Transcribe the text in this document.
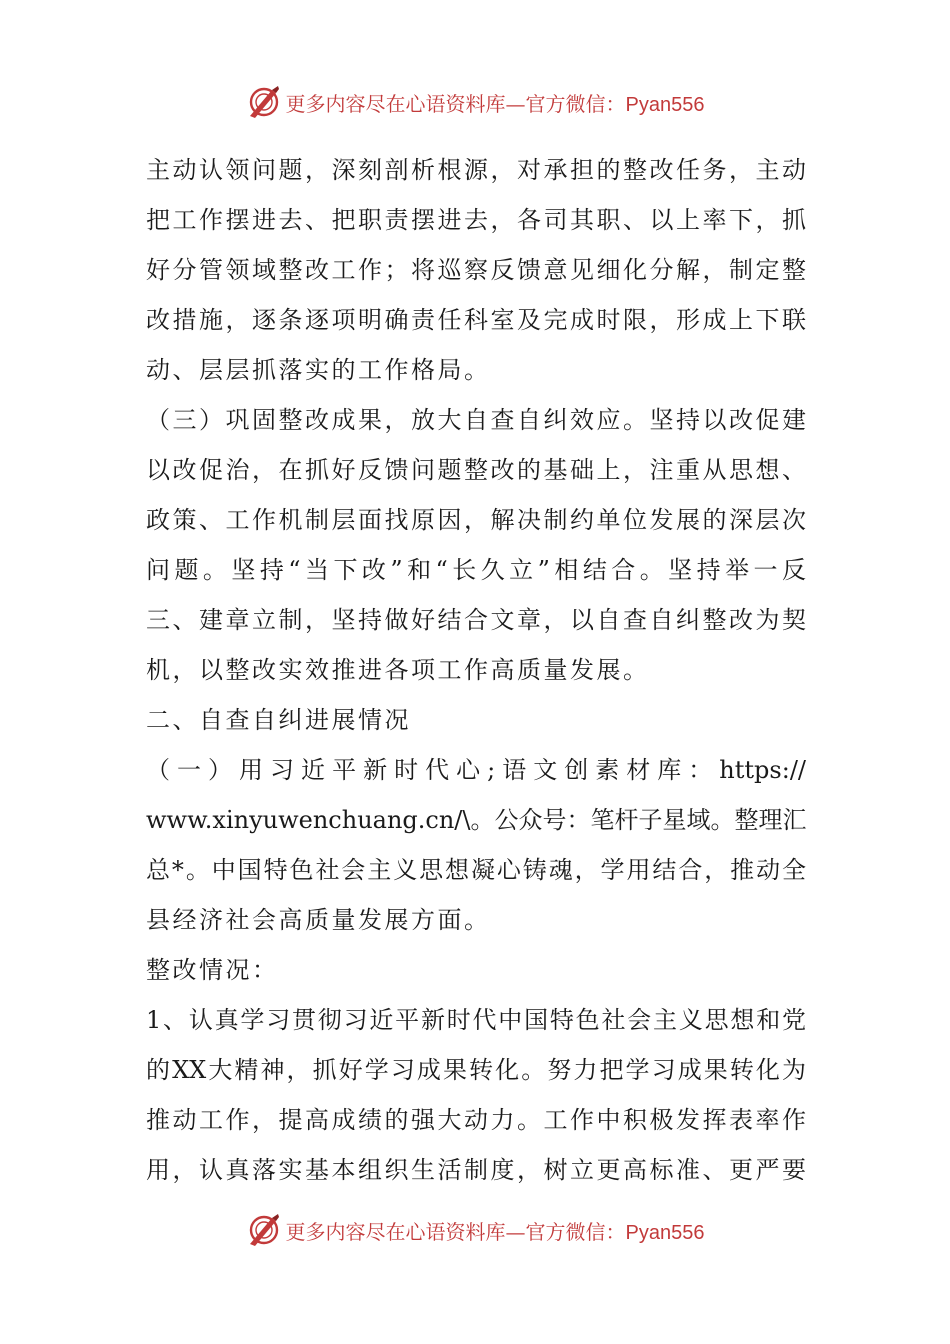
更多内容尽在心语资料库—官方微信：Pyan556
主动认领问题，深刻剖析根源，对承担的整改任务，主动
把工作摆进去、把职责摆进去，各司其职、以上率下，抓
好分管领域整改工作；将巡察反馈意见细化分解，制定整
改措施，逐条逐项明确责任科室及完成时限，形成上下联
动、层层抓落实的工作格局。
（三）巩固整改成果，放大自查自纠效应。坚持以改促建
以改促治，在抓好反馈问题整改的基础上，注重从思想、
政策、工作机制层面找原因，解决制约单位发展的深层次
问题。坚持“当下改”和“长久立”相结合。坚持举一反
三、建章立制，坚持做好结合文章，以自查自纠整改为契
机，以整改实效推进各项工作高质量发展。
二、自查自纠进展情况
（一）用习近平新时代心;语文创素材库：https://
www.xinyuwenchuang.cn/\。公众号：笔杆子星域。整理汇
总*。中国特色社会主义思想凝心铸魂，学用结合，推动全
县经济社会高质量发展方面。
整改情况：
1、认真学习贯彻习近平新时代中国特色社会主义思想和党
的XX大精神，抓好学习成果转化。努力把学习成果转化为
推动工作，提高成绩的强大动力。工作中积极发挥表率作
用，认真落实基本组织生活制度，树立更高标准、更严要
更多内容尽在心语资料库—官方微信：Pyan556
